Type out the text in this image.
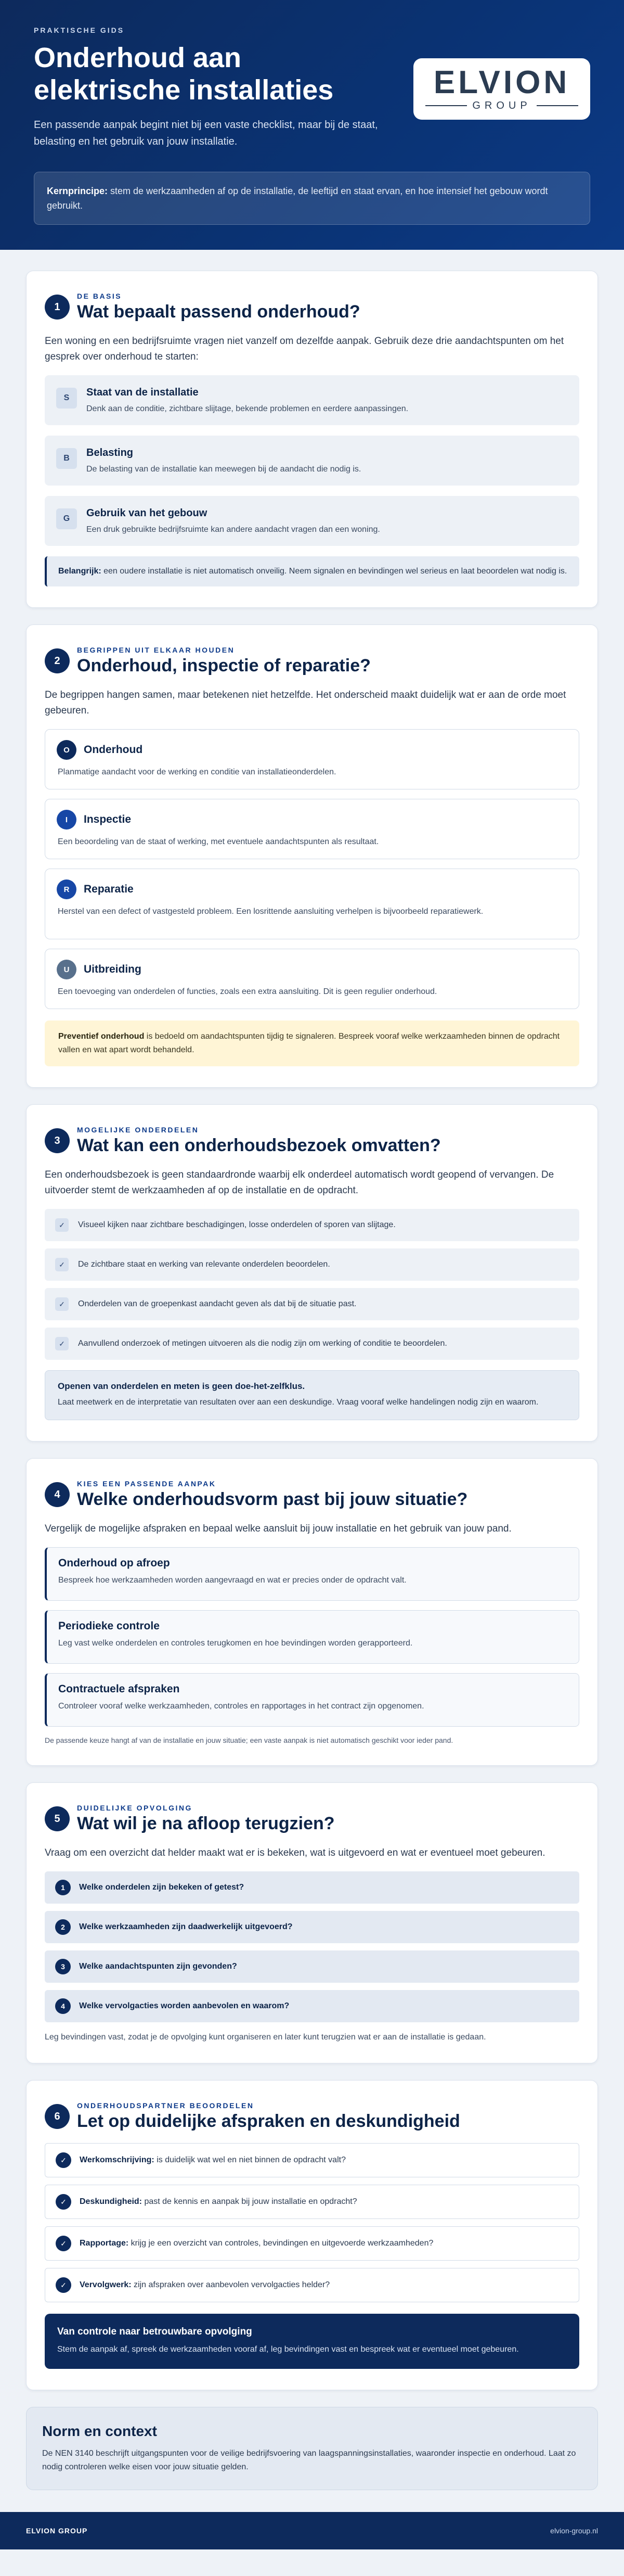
PRAKTISCHE GIDS
Onderhoud aan
elektrische installaties

Een passende aanpak begint niet bij een vaste checklist, maar bij de staat, belasting en het gebruik van jouw installatie.

ELVION
GROUP
Kernprincipe: stem de werkzaamheden af op de installatie, de leeftijd en staat ervan, en hoe intensief het gebouw wordt gebruikt.
1
DE BASIS
Wat bepaalt passend onderhoud?

Een woning en een bedrijfsruimte vragen niet vanzelf om dezelfde aanpak. Gebruik deze drie aandachtspunten om het gesprek over onderhoud te starten:

S	Staat van de installatie
Denk aan de conditie, zichtbare slijtage, bekende problemen en eerdere aanpassingen.
B	Belasting
De belasting van de installatie kan meewegen bij de aandacht die nodig is.
G	Gebruik van het gebouw
Een druk gebruikte bedrijfsruimte kan andere aandacht vragen dan een woning.
Belangrijk: een oudere installatie is niet automatisch onveilig. Neem signalen en bevindingen wel serieus en laat beoordelen wat nodig is.
2
BEGRIPPEN UIT ELKAAR HOUDEN
Onderhoud, inspectie of reparatie?

De begrippen hangen samen, maar betekenen niet hetzelfde. Het onderscheid maakt duidelijk wat er aan de orde moet gebeuren.

O	Onderhoud
Planmatige aandacht voor de werking en conditie van installatieonderdelen.
I	Inspectie
Een beoordeling van de staat of werking, met eventuele aandachtspunten als resultaat.
R	Reparatie
Herstel van een defect of vastgesteld probleem. Een losrittende aansluiting verhelpen is bijvoorbeeld reparatiewerk.
U	Uitbreiding
Een toevoeging van onderdelen of functies, zoals een extra aansluiting. Dit is geen regulier onderhoud.
Preventief onderhoud is bedoeld om aandachtspunten tijdig te signaleren. Bespreek vooraf welke werkzaamheden binnen de opdracht vallen en wat apart wordt behandeld.
3
MOGELIJKE ONDERDELEN
Wat kan een onderhoudsbezoek omvatten?

Een onderhoudsbezoek is geen standaardronde waarbij elk onderdeel automatisch wordt geopend of vervangen. De uitvoerder stemt de werkzaamheden af op de installatie en de opdracht.

✓	Visueel kijken naar zichtbare beschadigingen, losse onderdelen of sporen van slijtage.
✓	De zichtbare staat en werking van relevante onderdelen beoordelen.
✓	Onderdelen van de groepenkast aandacht geven als dat bij de situatie past.
✓	Aanvullend onderzoek of metingen uitvoeren als die nodig zijn om werking of conditie te beoordelen.
Openen van onderdelen en meten is geen doe-het-zelfklus.
Laat meetwerk en de interpretatie van resultaten over aan een deskundige. Vraag vooraf welke handelingen nodig zijn en waarom.
4
KIES EEN PASSENDE AANPAK
Welke onderhoudsvorm past bij jouw situatie?

Vergelijk de mogelijke afspraken en bepaal welke aansluit bij jouw installatie en het gebruik van jouw pand.

Onderhoud op afroep
Bespreek hoe werkzaamheden worden aangevraagd en wat er precies onder de opdracht valt.
Periodieke controle
Leg vast welke onderdelen en controles terugkomen en hoe bevindingen worden gerapporteerd.
Contractuele afspraken
Controleer vooraf welke werkzaamheden, controles en rapportages in het contract zijn opgenomen.

De passende keuze hangt af van de installatie en jouw situatie; een vaste aanpak is niet automatisch geschikt voor ieder pand.

5
DUIDELIJKE OPVOLGING
Wat wil je na afloop terugzien?

Vraag om een overzicht dat helder maakt wat er is bekeken, wat is uitgevoerd en wat er eventueel moet gebeuren.

1	Welke onderdelen zijn bekeken of getest?
2	Welke werkzaamheden zijn daadwerkelijk uitgevoerd?
3	Welke aandachtspunten zijn gevonden?
4	Welke vervolgacties worden aanbevolen en waarom?

Leg bevindingen vast, zodat je de opvolging kunt organiseren en later kunt terugzien wat er aan de installatie is gedaan.

6
ONDERHOUDSPARTNER BEOORDELEN
Let op duidelijke afspraken en deskundigheid
✓	Werkomschrijving: is duidelijk wat wel en niet binnen de opdracht valt?
✓	Deskundigheid: past de kennis en aanpak bij jouw installatie en opdracht?
✓	Rapportage: krijg je een overzicht van controles, bevindingen en uitgevoerde werkzaamheden?
✓	Vervolgwerk: zijn afspraken over aanbevolen vervolgacties helder?
Van controle naar betrouwbare opvolging
Stem de aanpak af, spreek de werkzaamheden vooraf af, leg bevindingen vast en bespreek wat er eventueel moet gebeuren.
Norm en context

De NEN 3140 beschrijft uitgangspunten voor de veilige bedrijfsvoering van laagspanningsinstallaties, waaronder inspectie en onderhoud. Laat zo nodig controleren welke eisen voor jouw situatie gelden.

ELVION GROUP	elvion-group.nl
